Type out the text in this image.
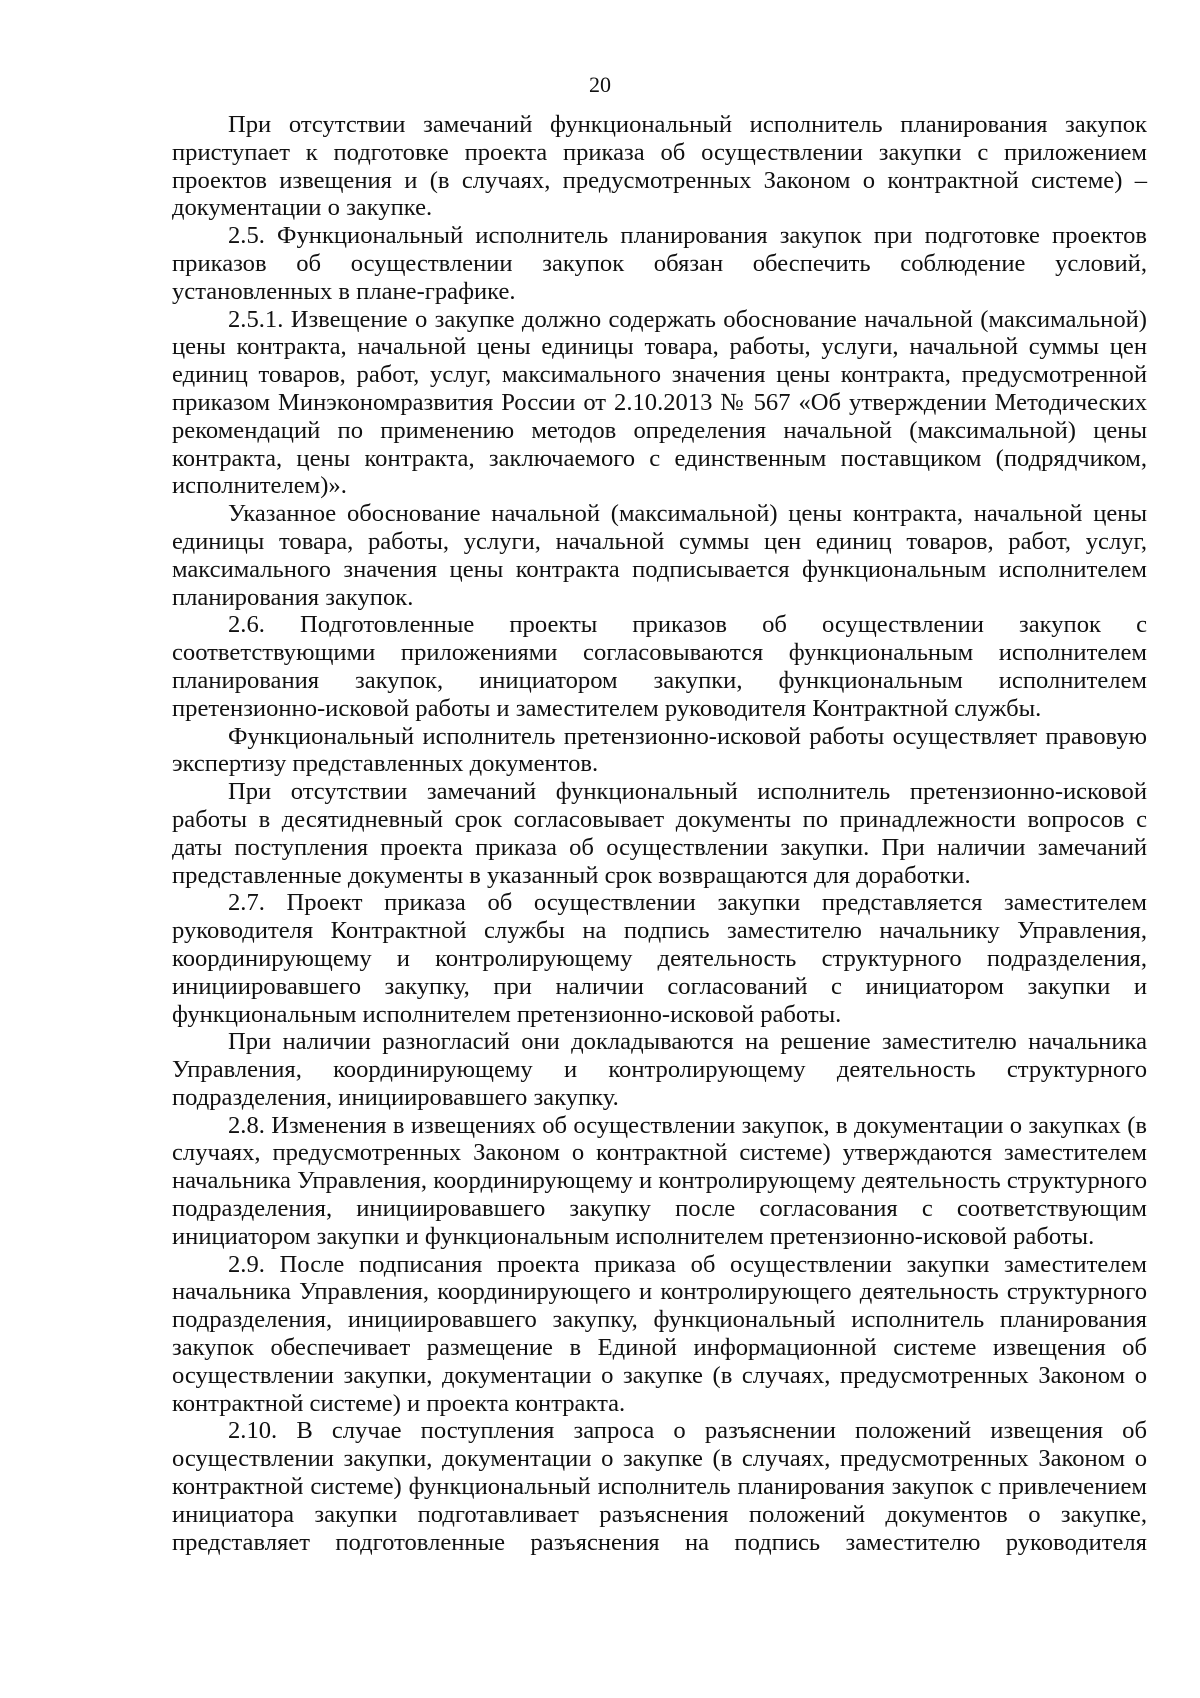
20

При отсутствии замечаний функциональный исполнитель планирования закупок приступает к подготовке проекта приказа об осуществлении закупки с приложением проектов извещения и (в случаях, предусмотренных Законом о контрактной системе) – документации о закупке.

2.5. Функциональный исполнитель планирования закупок при подготовке проектов приказов об осуществлении закупок обязан обеспечить соблюдение условий, установленных в плане-графике.

2.5.1. Извещение о закупке должно содержать обоснование начальной (максимальной) цены контракта, начальной цены единицы товара, работы, услуги, начальной суммы цен единиц товаров, работ, услуг, максимального значения цены контракта, предусмотренной приказом Минэкономразвития России от 2.10.2013 № 567 «Об утверждении Методических рекомендаций по применению методов определения начальной (максимальной) цены контракта, цены контракта, заключаемого с единственным поставщиком (подрядчиком, исполнителем)».

Указанное обоснование начальной (максимальной) цены контракта, начальной цены единицы товара, работы, услуги, начальной суммы цен единиц товаров, работ, услуг, максимального значения цены контракта подписывается функциональным исполнителем планирования закупок.

2.6. Подготовленные проекты приказов об осуществлении закупок с соответствующими приложениями согласовываются функциональным исполнителем планирования закупок, инициатором закупки, функциональным исполнителем претензионно-исковой работы и заместителем руководителя Контрактной службы.

Функциональный исполнитель претензионно-исковой работы осуществляет правовую экспертизу представленных документов.

При отсутствии замечаний функциональный исполнитель претензионно-исковой работы в десятидневный срок согласовывает документы по принадлежности вопросов с даты поступления проекта приказа об осуществлении закупки. При наличии замечаний представленные документы в указанный срок возвращаются для доработки.

2.7. Проект приказа об осуществлении закупки представляется заместителем руководителя Контрактной службы на подпись заместителю начальнику Управления, координирующему и контролирующему деятельность структурного подразделения, инициировавшего закупку, при наличии согласований с инициатором закупки и функциональным исполнителем претензионно-исковой работы.

При наличии разногласий они докладываются на решение заместителю начальника Управления, координирующему и контролирующему деятельность структурного подразделения, инициировавшего закупку.

2.8. Изменения в извещениях об осуществлении закупок, в документации о закупках (в случаях, предусмотренных Законом о контрактной системе) утверждаются заместителем начальника Управления, координирующему и контролирующему деятельность структурного подразделения, инициировавшего закупку после согласования с соответствующим инициатором закупки и функциональным исполнителем претензионно-исковой работы.

2.9. После подписания проекта приказа об осуществлении закупки заместителем начальника Управления, координирующего и контролирующего деятельность структурного подразделения, инициировавшего закупку, функциональный исполнитель планирования закупок обеспечивает размещение в Единой информационной системе извещения об осуществлении закупки, документации о закупке (в случаях, предусмотренных Законом о контрактной системе) и проекта контракта.

2.10. В случае поступления запроса о разъяснении положений извещения об осуществлении закупки, документации о закупке (в случаях, предусмотренных Законом о контрактной системе) функциональный исполнитель планирования закупок с привлечением инициатора закупки подготавливает разъяснения положений документов о закупке, представляет подготовленные разъяснения на подпись заместителю руководителя
